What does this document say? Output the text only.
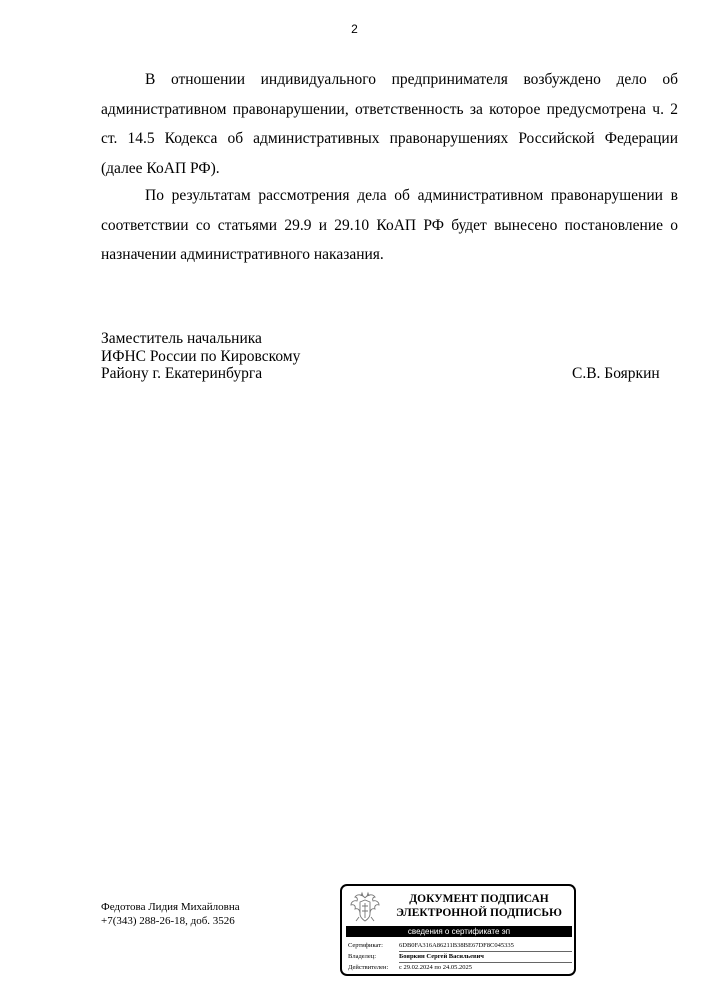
2

В отношении индивидуального предпринимателя возбуждено дело об административном правонарушении, ответственность за которое предусмотрена ч. 2 ст. 14.5 Кодекса об административных правонарушениях Российской Федерации (далее КоАП РФ).

По результатам рассмотрения дела об административном правонарушении в соответствии со статьями 29.9 и 29.10 КоАП РФ будет вынесено постановление о назначении административного наказания.

Заместитель начальника
ИФНС России по Кировскому
Району г. Екатеринбурга	С.В. Бояркин
Федотова Лидия Михайловна
+7(343) 288-26-18, доб. 3526
ДОКУМЕНТ ПОДПИСАН
ЭЛЕКТРОННОЙ ПОДПИСЬЮ
сведения о сертификате эп
Сертификат:	6DB0FA316A86211B38BE67DF8C045335
Владелец:	Бояркин Сергей Васильевич
Действителен:	с 29.02.2024 по 24.05.2025
